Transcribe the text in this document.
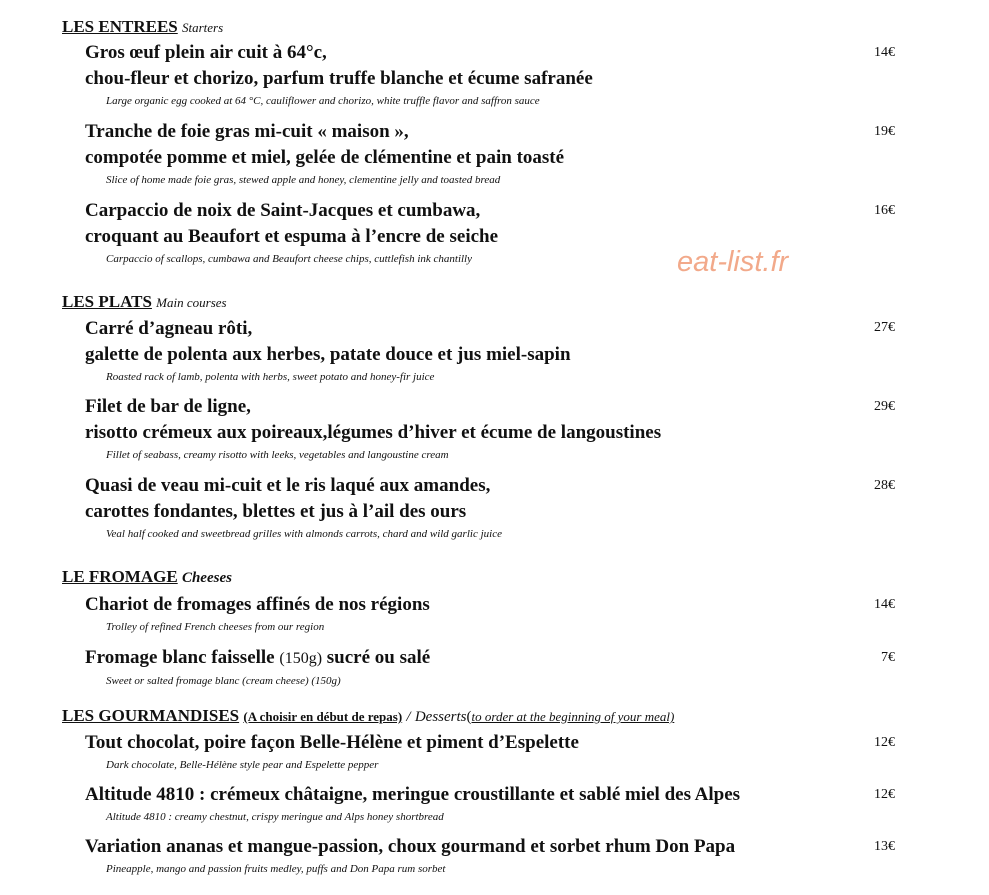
eat-list.fr
LES ENTREES Starters
Gros œuf plein air cuit à 64°c,
chou-fleur et chorizo, parfum truffe blanche et écume safranée
Large organic egg cooked at 64 °C, cauliflower and chorizo, white truffle flavor and saffron sauce
14€
Tranche de foie gras mi-cuit « maison »,
compotée pomme et miel, gelée de clémentine et pain toasté
Slice of home made foie gras, stewed apple and honey, clementine jelly and toasted bread
19€
Carpaccio de noix de Saint-Jacques et cumbawa,
croquant au Beaufort et espuma à l’encre de seiche
Carpaccio of scallops, cumbawa and Beaufort cheese chips, cuttlefish ink chantilly
16€
LES PLATS Main courses
Carré d’agneau rôti,
galette de polenta aux herbes, patate douce et jus miel-sapin
Roasted rack of lamb, polenta with herbs, sweet potato and honey-fir juice
27€
Filet de bar de ligne,
risotto crémeux aux poireaux,légumes d’hiver et écume de langoustines
Fillet of seabass, creamy risotto with leeks, vegetables and langoustine cream
29€
Quasi de veau mi-cuit et le ris laqué aux amandes,
carottes fondantes, blettes et jus à l’ail des ours
Veal half cooked and sweetbread grilles with almonds carrots, chard and wild garlic juice
28€
LE FROMAGE Cheeses
Chariot de fromages affinés de nos régions
Trolley of refined French cheeses from our region
14€
Fromage blanc faisselle (150g) sucré ou salé
Sweet or salted fromage blanc (cream cheese) (150g)
7€
LES GOURMANDISES (A choisir en début de repas) / Desserts(to order at the beginning of your meal)
Tout chocolat, poire façon Belle-Hélène et piment d’Espelette
Dark chocolate, Belle-Hélène style pear and Espelette pepper
12€
Altitude 4810 : crémeux châtaigne, meringue croustillante et sablé miel des Alpes
Altitude 4810 : creamy chestnut, crispy meringue and Alps honey shortbread
12€
Variation ananas et mangue-passion, choux gourmand et sorbet rhum Don Papa
Pineapple, mango and passion fruits medley, puffs and Don Papa rum sorbet
13€
